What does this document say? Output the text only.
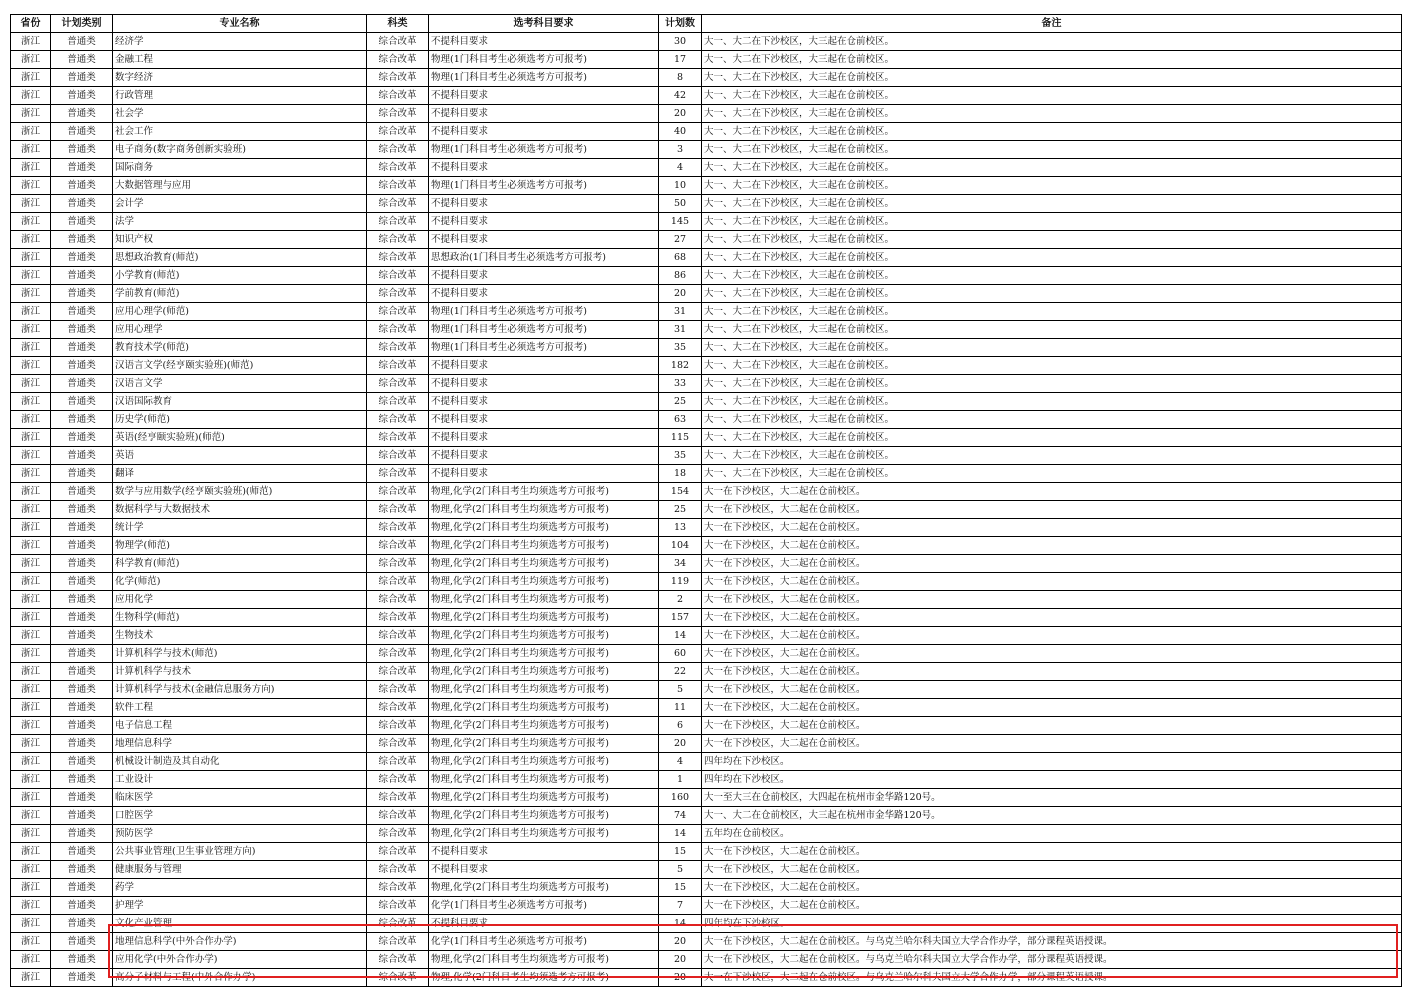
省份	计划类别	专业名称	科类	选考科目要求	计划数	备注
浙江	普通类	经济学	综合改革	不提科目要求	30	大一、大二在下沙校区，大三起在仓前校区。
浙江	普通类	金融工程	综合改革	物理(1门科目考生必须选考方可报考)	17	大一、大二在下沙校区，大三起在仓前校区。
浙江	普通类	数字经济	综合改革	物理(1门科目考生必须选考方可报考)	8	大一、大二在下沙校区，大三起在仓前校区。
浙江	普通类	行政管理	综合改革	不提科目要求	42	大一、大二在下沙校区，大三起在仓前校区。
浙江	普通类	社会学	综合改革	不提科目要求	20	大一、大二在下沙校区，大三起在仓前校区。
浙江	普通类	社会工作	综合改革	不提科目要求	40	大一、大二在下沙校区，大三起在仓前校区。
浙江	普通类	电子商务(数字商务创新实验班)	综合改革	物理(1门科目考生必须选考方可报考)	3	大一、大二在下沙校区，大三起在仓前校区。
浙江	普通类	国际商务	综合改革	不提科目要求	4	大一、大二在下沙校区，大三起在仓前校区。
浙江	普通类	大数据管理与应用	综合改革	物理(1门科目考生必须选考方可报考)	10	大一、大二在下沙校区，大三起在仓前校区。
浙江	普通类	会计学	综合改革	不提科目要求	50	大一、大二在下沙校区，大三起在仓前校区。
浙江	普通类	法学	综合改革	不提科目要求	145	大一、大二在下沙校区，大三起在仓前校区。
浙江	普通类	知识产权	综合改革	不提科目要求	27	大一、大二在下沙校区，大三起在仓前校区。
浙江	普通类	思想政治教育(师范)	综合改革	思想政治(1门科目考生必须选考方可报考)	68	大一、大二在下沙校区，大三起在仓前校区。
浙江	普通类	小学教育(师范)	综合改革	不提科目要求	86	大一、大二在下沙校区，大三起在仓前校区。
浙江	普通类	学前教育(师范)	综合改革	不提科目要求	20	大一、大二在下沙校区，大三起在仓前校区。
浙江	普通类	应用心理学(师范)	综合改革	物理(1门科目考生必须选考方可报考)	31	大一、大二在下沙校区，大三起在仓前校区。
浙江	普通类	应用心理学	综合改革	物理(1门科目考生必须选考方可报考)	31	大一、大二在下沙校区，大三起在仓前校区。
浙江	普通类	教育技术学(师范)	综合改革	物理(1门科目考生必须选考方可报考)	35	大一、大二在下沙校区，大三起在仓前校区。
浙江	普通类	汉语言文学(经亨颐实验班)(师范)	综合改革	不提科目要求	182	大一、大二在下沙校区，大三起在仓前校区。
浙江	普通类	汉语言文学	综合改革	不提科目要求	33	大一、大二在下沙校区，大三起在仓前校区。
浙江	普通类	汉语国际教育	综合改革	不提科目要求	25	大一、大二在下沙校区，大三起在仓前校区。
浙江	普通类	历史学(师范)	综合改革	不提科目要求	63	大一、大二在下沙校区，大三起在仓前校区。
浙江	普通类	英语(经亨颐实验班)(师范)	综合改革	不提科目要求	115	大一、大二在下沙校区，大三起在仓前校区。
浙江	普通类	英语	综合改革	不提科目要求	35	大一、大二在下沙校区，大三起在仓前校区。
浙江	普通类	翻译	综合改革	不提科目要求	18	大一、大二在下沙校区，大三起在仓前校区。
浙江	普通类	数学与应用数学(经亨颐实验班)(师范)	综合改革	物理,化学(2门科目考生均须选考方可报考)	154	大一在下沙校区，大二起在仓前校区。
浙江	普通类	数据科学与大数据技术	综合改革	物理,化学(2门科目考生均须选考方可报考)	25	大一在下沙校区，大二起在仓前校区。
浙江	普通类	统计学	综合改革	物理,化学(2门科目考生均须选考方可报考)	13	大一在下沙校区，大二起在仓前校区。
浙江	普通类	物理学(师范)	综合改革	物理,化学(2门科目考生均须选考方可报考)	104	大一在下沙校区，大二起在仓前校区。
浙江	普通类	科学教育(师范)	综合改革	物理,化学(2门科目考生均须选考方可报考)	34	大一在下沙校区，大二起在仓前校区。
浙江	普通类	化学(师范)	综合改革	物理,化学(2门科目考生均须选考方可报考)	119	大一在下沙校区，大二起在仓前校区。
浙江	普通类	应用化学	综合改革	物理,化学(2门科目考生均须选考方可报考)	2	大一在下沙校区，大二起在仓前校区。
浙江	普通类	生物科学(师范)	综合改革	物理,化学(2门科目考生均须选考方可报考)	157	大一在下沙校区，大二起在仓前校区。
浙江	普通类	生物技术	综合改革	物理,化学(2门科目考生均须选考方可报考)	14	大一在下沙校区，大二起在仓前校区。
浙江	普通类	计算机科学与技术(师范)	综合改革	物理,化学(2门科目考生均须选考方可报考)	60	大一在下沙校区，大二起在仓前校区。
浙江	普通类	计算机科学与技术	综合改革	物理,化学(2门科目考生均须选考方可报考)	22	大一在下沙校区，大二起在仓前校区。
浙江	普通类	计算机科学与技术(金融信息服务方向)	综合改革	物理,化学(2门科目考生均须选考方可报考)	5	大一在下沙校区，大二起在仓前校区。
浙江	普通类	软件工程	综合改革	物理,化学(2门科目考生均须选考方可报考)	11	大一在下沙校区，大二起在仓前校区。
浙江	普通类	电子信息工程	综合改革	物理,化学(2门科目考生均须选考方可报考)	6	大一在下沙校区，大二起在仓前校区。
浙江	普通类	地理信息科学	综合改革	物理,化学(2门科目考生均须选考方可报考)	20	大一在下沙校区，大二起在仓前校区。
浙江	普通类	机械设计制造及其自动化	综合改革	物理,化学(2门科目考生均须选考方可报考)	4	四年均在下沙校区。
浙江	普通类	工业设计	综合改革	物理,化学(2门科目考生均须选考方可报考)	1	四年均在下沙校区。
浙江	普通类	临床医学	综合改革	物理,化学(2门科目考生均须选考方可报考)	160	大一至大三在仓前校区，大四起在杭州市金华路120号。
浙江	普通类	口腔医学	综合改革	物理,化学(2门科目考生均须选考方可报考)	74	大一、大二在仓前校区，大三起在杭州市金华路120号。
浙江	普通类	预防医学	综合改革	物理,化学(2门科目考生均须选考方可报考)	14	五年均在仓前校区。
浙江	普通类	公共事业管理(卫生事业管理方向)	综合改革	不提科目要求	15	大一在下沙校区，大二起在仓前校区。
浙江	普通类	健康服务与管理	综合改革	不提科目要求	5	大一在下沙校区，大二起在仓前校区。
浙江	普通类	药学	综合改革	物理,化学(2门科目考生均须选考方可报考)	15	大一在下沙校区，大二起在仓前校区。
浙江	普通类	护理学	综合改革	化学(1门科目考生必须选考方可报考)	7	大一在下沙校区，大二起在仓前校区。
浙江	普通类	文化产业管理	综合改革	不提科目要求	14	四年均在下沙校区。
浙江	普通类	地理信息科学(中外合作办学)	综合改革	化学(1门科目考生必须选考方可报考)	20	大一在下沙校区，大二起在仓前校区。与乌克兰哈尔科夫国立大学合作办学，部分课程英语授课。
浙江	普通类	应用化学(中外合作办学)	综合改革	物理,化学(2门科目考生均须选考方可报考)	20	大一在下沙校区，大二起在仓前校区。与乌克兰哈尔科夫国立大学合作办学，部分课程英语授课。
浙江	普通类	高分子材料与工程(中外合作办学)	综合改革	物理,化学(2门科目考生均须选考方可报考)	20	大一在下沙校区，大二起在仓前校区。与乌克兰哈尔科夫国立大学合作办学，部分课程英语授课。
